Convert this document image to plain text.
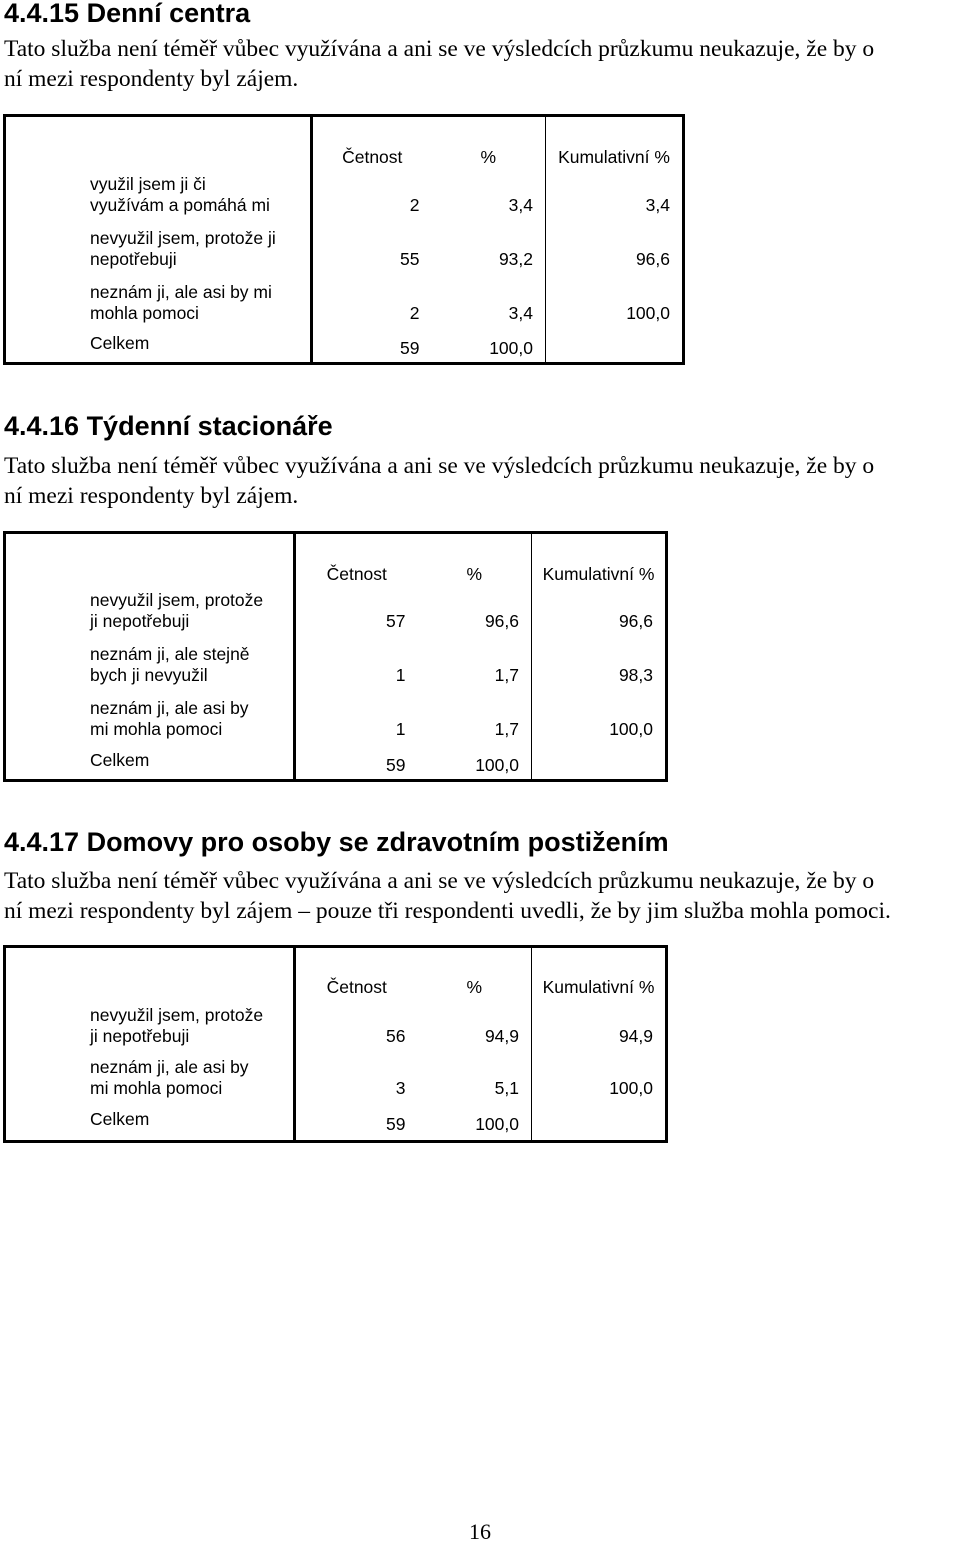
4.4.15 Denní centra

Tato služba není téměř vůbec využívána a ani se ve výsledcích průzkumu neukazuje, že by o

ní mezi respondenty byl zájem.

	Četnost	%	Kumulativní %
využil jsem ji či
využívám a pomáhá mi	2	3,4	3,4
nevyužil jsem, protože ji
nepotřebuji	55	93,2	96,6
neznám ji, ale asi by mi
mohla pomoci	2	3,4	100,0
Celkem	59	100,0	
4.4.16 Týdenní stacionáře

Tato služba není téměř vůbec využívána a ani se ve výsledcích průzkumu neukazuje, že by o

ní mezi respondenty byl zájem.

	Četnost	%	Kumulativní %
nevyužil jsem, protože
ji nepotřebuji	57	96,6	96,6
neznám ji, ale stejně
bych ji nevyužil	1	1,7	98,3
neznám ji, ale asi by
mi mohla pomoci	1	1,7	100,0
Celkem	59	100,0	
4.4.17 Domovy pro osoby se zdravotním postižením

Tato služba není téměř vůbec využívána a ani se ve výsledcích průzkumu neukazuje, že by o

ní mezi respondenty byl zájem – pouze tři respondenti uvedli, že by jim služba mohla pomoci.

	Četnost	%	Kumulativní %
nevyužil jsem, protože
ji nepotřebuji	56	94,9	94,9
neznám ji, ale asi by
mi mohla pomoci	3	5,1	100,0
Celkem	59	100,0	
16
